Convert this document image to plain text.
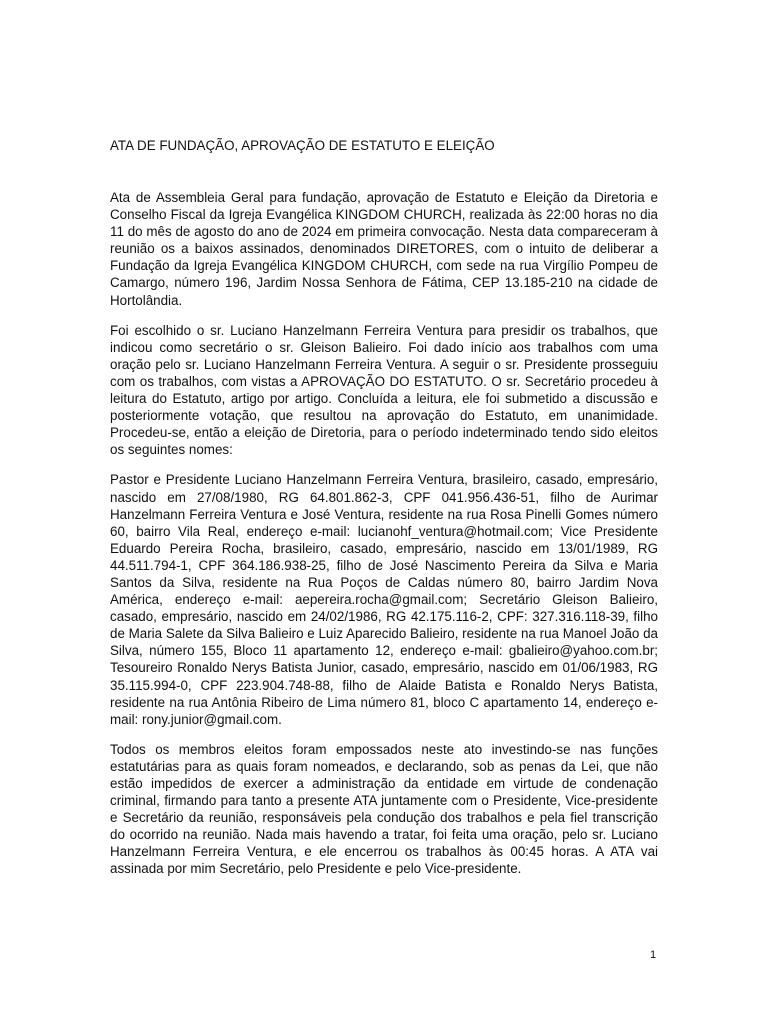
ATA DE FUNDAÇÃO, APROVAÇÃO DE ESTATUTO E ELEIÇÃO

Ata de Assembleia Geral para fundação, aprovação de Estatuto e Eleição da Diretoria e Conselho Fiscal da Igreja Evangélica KINGDOM CHURCH, realizada às 22:00 horas no dia 11 do mês de agosto do ano de 2024 em primeira convocação. Nesta data compareceram à reunião os a baixos assinados, denominados DIRETORES, com o intuito de deliberar a Fundação da Igreja Evangélica KINGDOM CHURCH, com sede na rua Virgílio Pompeu de Camargo, número 196, Jardim Nossa Senhora de Fátima, CEP 13.185-210 na cidade de Hortolândia.

Foi escolhido o sr. Luciano Hanzelmann Ferreira Ventura para presidir os trabalhos, que indicou como secretário o sr. Gleison Balieiro. Foi dado início aos trabalhos com uma oração pelo sr. Luciano Hanzelmann Ferreira Ventura. A seguir o sr. Presidente prosseguiu com os trabalhos, com vistas a APROVAÇÃO DO ESTATUTO. O sr. Secretário procedeu à leitura do Estatuto, artigo por artigo. Concluída a leitura, ele foi submetido a discussão e posteriormente votação, que resultou na aprovação do Estatuto, em unanimidade. Procedeu-se, então a eleição de Diretoria, para o período indeterminado tendo sido eleitos os seguintes nomes:

Pastor e Presidente Luciano Hanzelmann Ferreira Ventura, brasileiro, casado, empresário, nascido em 27/08/1980, RG 64.801.862-3, CPF 041.956.436-51, filho de Aurimar Hanzelmann Ferreira Ventura e José Ventura, residente na rua Rosa Pinelli Gomes número 60, bairro Vila Real, endereço e-mail: lucianohf_ventura@hotmail.com; Vice Presidente Eduardo Pereira Rocha, brasileiro, casado, empresário, nascido em 13/01/1989, RG 44.511.794-1, CPF 364.186.938-25, filho de José Nascimento Pereira da Silva e Maria Santos da Silva, residente na Rua Poços de Caldas número 80, bairro Jardim Nova América, endereço e-mail: aepereira.rocha@gmail.com; Secretário Gleison Balieiro, casado, empresário, nascido em 24/02/1986, RG 42.175.116-2, CPF: 327.316.118-39, filho de Maria Salete da Silva Balieiro e Luiz Aparecido Balieiro, residente na rua Manoel João da Silva, número 155, Bloco 11 apartamento 12, endereço e-mail: gbalieiro@yahoo.com.br; Tesoureiro Ronaldo Nerys Batista Junior, casado, empresário, nascido em 01/06/1983, RG 35.115.994-0, CPF 223.904.748-88, filho de Alaide Batista e Ronaldo Nerys Batista, residente na rua Antônia Ribeiro de Lima número 81, bloco C apartamento 14, endereço e-mail: rony.junior@gmail.com.

Todos os membros eleitos foram empossados neste ato investindo-se nas funções estatutárias para as quais foram nomeados, e declarando, sob as penas da Lei, que não estão impedidos de exercer a administração da entidade em virtude de condenação criminal, firmando para tanto a presente ATA juntamente com o Presidente, Vice-presidente e Secretário da reunião, responsáveis pela condução dos trabalhos e pela fiel transcrição do ocorrido na reunião. Nada mais havendo a tratar, foi feita uma oração, pelo sr. Luciano Hanzelmann Ferreira Ventura, e ele encerrou os trabalhos às 00:45 horas. A ATA vai assinada por mim Secretário, pelo Presidente e pelo Vice-presidente.

1
